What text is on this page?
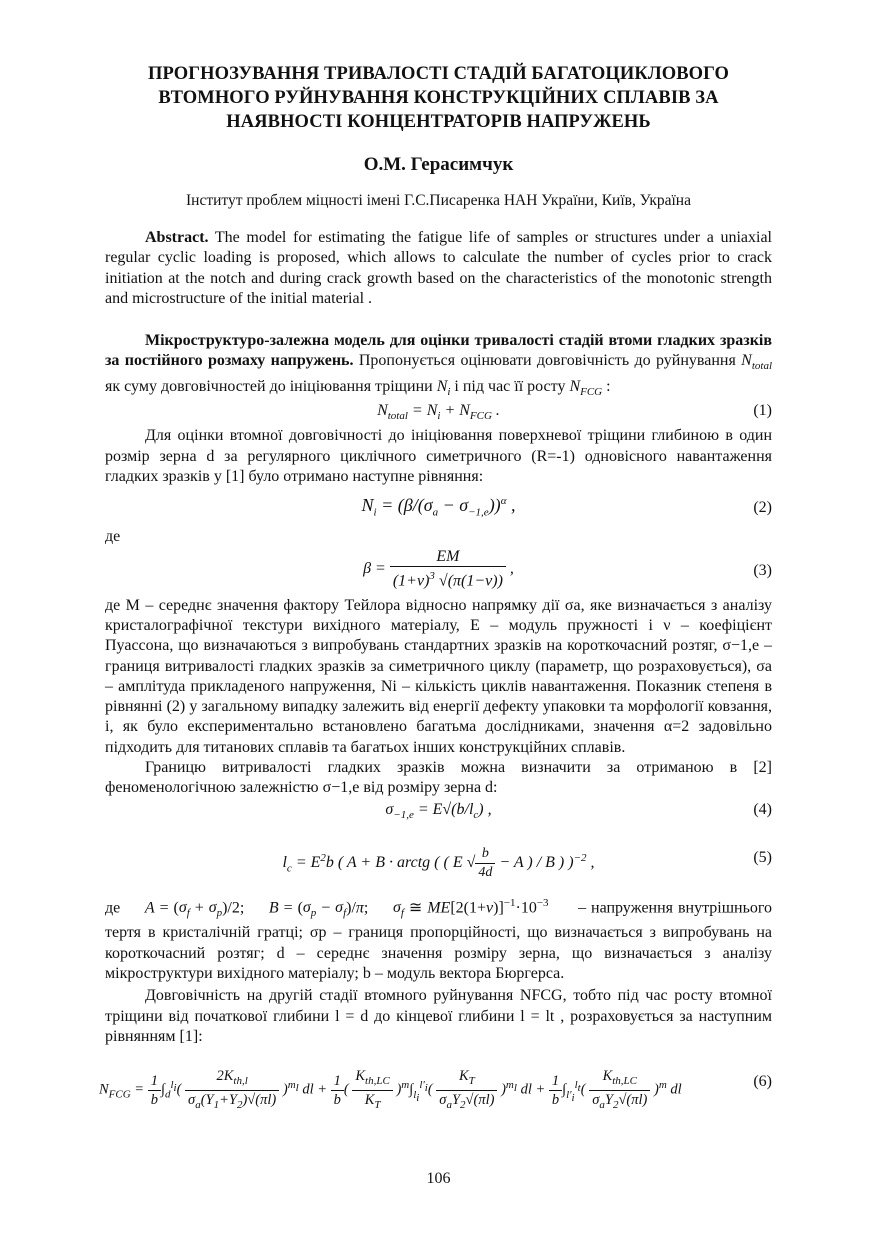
ПРОГНОЗУВАННЯ ТРИВАЛОСТІ СТАДІЙ БАГАТОЦИКЛОВОГО
ВТОМНОГО РУЙНУВАННЯ КОНСТРУКЦІЙНИХ СПЛАВІВ ЗА
НАЯВНОСТІ КОНЦЕНТРАТОРІВ НАПРУЖЕНЬ
О.М. Герасимчук
Інститут проблем міцності імені Г.С.Писаренка НАН України, Київ, Україна

Abstract. The model for estimating the fatigue life of samples or structures under a uniaxial regular cyclic loading is proposed, which allows to calculate the number of cycles prior to crack initiation at the notch and during crack growth based on the characteristics of the monotonic strength and microstructure of the initial material .

Мікроструктуро-залежна модель для оцінки тривалості стадій втоми гладких зразків за постійного розмаху напружень. Пропонується оцінювати довговічність до руйнування $N_{total}$ як суму довговічностей до ініціювання тріщини $N_i$ і під час її росту $N_{FCG}$ :

$N_{total} = N_i + N_{FCG}$ .	(1)

Для оцінки втомної довговічності до ініціювання поверхневої тріщини глибиною в один розмір зерна d за регулярного циклічного симетричного (R=-1) одновісного навантаження гладких зразків у [1] було отримано наступне рівняння:

$N_i = (\beta/(\sigma_a - \sigma_{-1,e}))^\alpha$ ,	(2)

де

$\beta = \frac{EM}{(1+\nu)^3 √(\pi(1-\nu))}$ ,	(3)

де M – середнє значення фактору Тейлора відносно напрямку дії σa, яке визначається з аналізу кристалографічної текстури вихідного матеріалу, E – модуль пружності і ν – коефіцієнт Пуассона, що визначаються з випробувань стандартних зразків на короткочасний розтяг, σ−1,e – границя витривалості гладких зразків за симетричного циклу (параметр, що розраховується), σa – амплітуда прикладеного напруження, Ni – кількість циклів навантаження. Показник степеня в рівнянні (2) у загальному випадку залежить від енергії дефекту упаковки та морфології ковзання, і, як було експериментально встановлено багатьма дослідниками, значення α=2 задовільно підходить для титанових сплавів та багатьох інших конструкційних сплавів.

Границю витривалості гладких зразків можна визначити за отриманою в [2] феноменологічною залежністю σ−1,e від розміру зерна d:

$\sigma_{-1,e} = E√(b/l_c)$ ,	(4)
$l_c = E^2b$ ( A + B · arctg ( ( E √ $\frac{b}{4d} - A$ ) / B ) )$^{-2}$ ,	(5)

де $A = (\sigma_f + \sigma_p)/2$;     $B = (\sigma_p - \sigma_f)/\pi$;     $\sigma_f$ ≅ $ME[2(1+\nu)]^{-1}\cdot 10^{-3}$ – напруження внутрішнього тертя в кристалічній гратці; σp – границя пропорційності, що визначається з випробувань на короткочасний розтяг; d – середнє значення розміру зерна, що визначається з аналізу мікроструктури вихідного матеріалу; b – модуль вектора Бюргерса.

Довговічність на другій стадії втомного руйнування NFCG, тобто під час росту втомної тріщини від початкової глибини l = d до кінцевої глибини l = lt , розраховується за наступним рівнянням [1]:

$N_{FCG} = \frac{1}{b} \int_d^{l_i}( \frac{2K_{th,l}}{\sigma_a(Y_1+Y_2)√(\pi l)} )^{m_l}$ dl + $\frac{1}{b}$ ( $\frac{K_{th,LC}}{K_T} )^m\int_{l_i}^{l'_i}( \frac{K_T}{\sigma_aY_2√(\pi l)} )^{m_l}$ dl + $\frac{1}{b} \int_{l'_i}^{l_t}( \frac{K_{th,LC}}{\sigma_aY_2√(\pi l)} )^m$ dl	(6)
106
